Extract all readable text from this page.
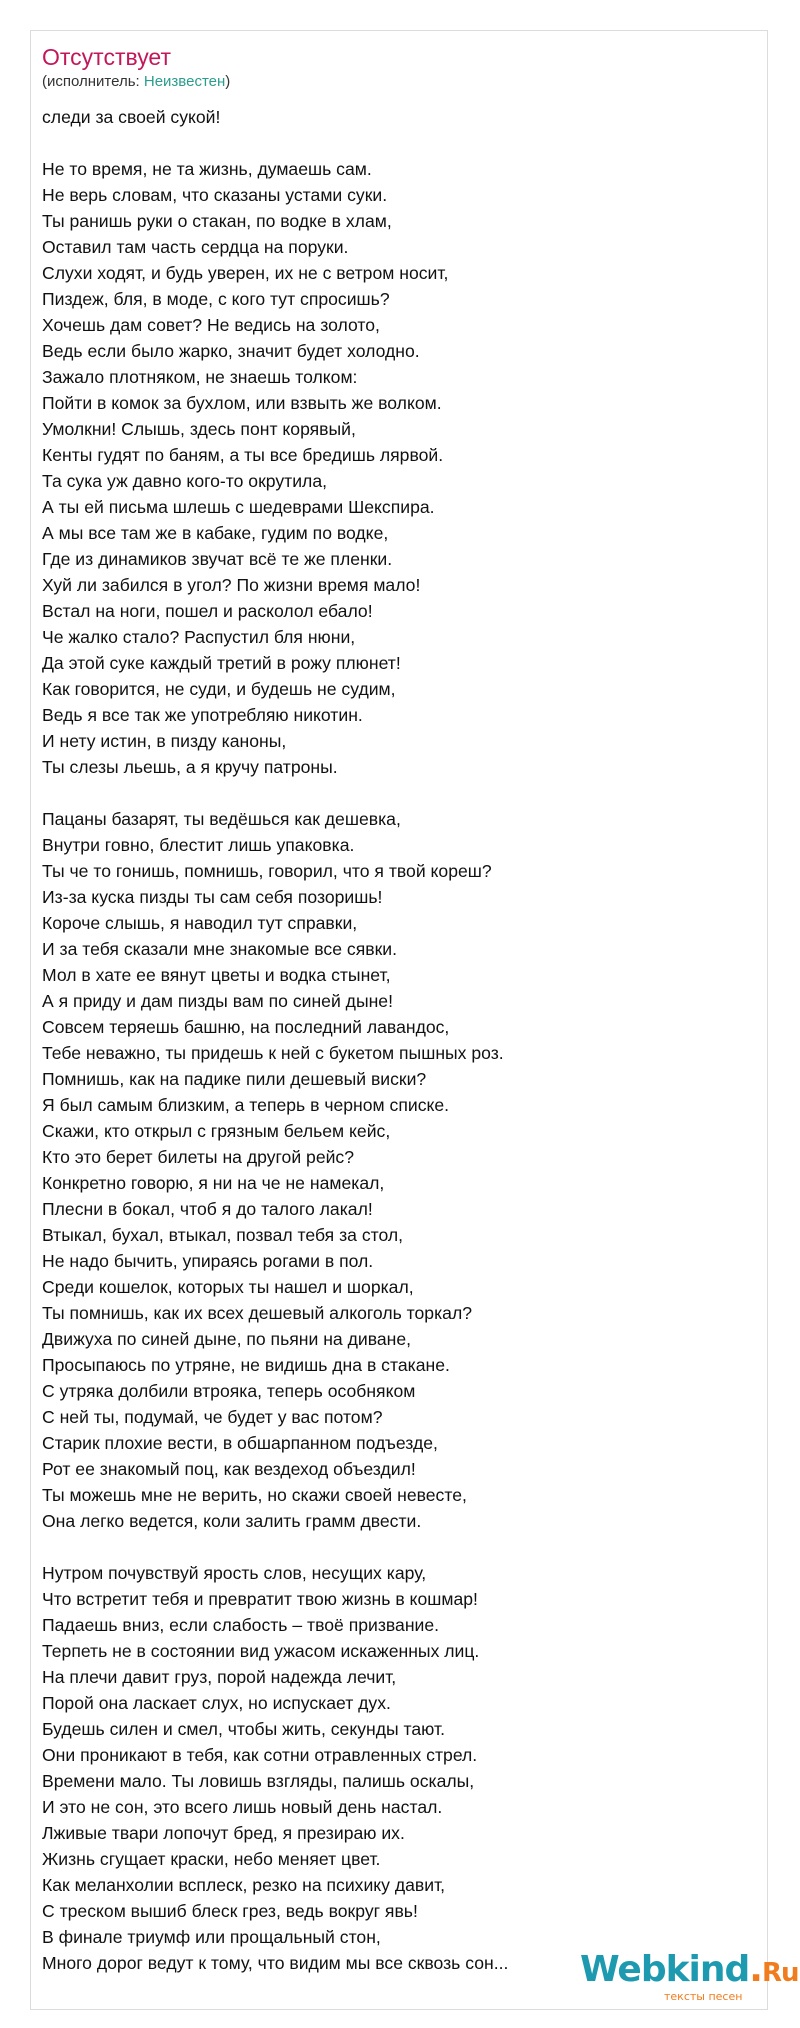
Отсутствует
(исполнитель: Неизвестен)
следи за своей сукой!
Не то время, не та жизнь, думаешь сам.
Не верь словам, что сказаны устами суки.
Ты ранишь руки о стакан, по водке в хлам,
Оставил там часть сердца на поруки.
Слухи ходят, и будь уверен, их не с ветром носит,
Пиздеж, бля, в моде, с кого тут спросишь?
Хочешь дам совет? Не ведись на золото,
Ведь если было жарко, значит будет холодно.
Зажало плотняком, не знаешь толком:
Пойти в комок за бухлом, или взвыть же волком.
Умолкни! Слышь, здесь понт корявый,
Кенты гудят по баням, а ты все бредишь лярвой.
Та сука уж давно кого-то окрутила,
А ты ей письма шлешь с шедеврами Шекспира.
А мы все там же в кабаке, гудим по водке,
Где из динамиков звучат всё те же пленки.
Хуй ли забился в угол? По жизни время мало!
Встал на ноги, пошел и расколол ебало!
Че жалко стало? Распустил бля нюни,
Да этой суке каждый третий в рожу плюнет!
Как говорится, не суди, и будешь не судим,
Ведь я все так же употребляю никотин.
И нету истин, в пизду каноны,
Ты слезы льешь, а я кручу патроны.
Пацаны базарят, ты ведёшься как дешевка,
Внутри говно, блестит лишь упаковка.
Ты че то гонишь, помнишь, говорил, что я твой кореш?
Из-за куска пизды ты сам себя позоришь!
Короче слышь, я наводил тут справки,
И за тебя сказали мне знакомые все сявки.
Мол в хате ее вянут цветы и водка стынет,
А я приду и дам пизды вам по синей дыне!
Совсем теряешь башню, на последний лавандос,
Тебе неважно, ты придешь к ней с букетом пышных роз.
Помнишь, как на падике пили дешевый виски?
Я был самым близким, а теперь в черном списке.
Скажи, кто открыл с грязным бельем кейс,
Кто это берет билеты на другой рейс?
Конкретно говорю, я ни на че не намекал,
Плесни в бокал, чтоб я до талого лакал!
Втыкал, бухал, втыкал, позвал тебя за стол,
Не надо бычить, упираясь рогами в пол.
Среди кошелок, которых ты нашел и шоркал,
Ты помнишь, как их всех дешевый алкоголь торкал?
Движуха по синей дыне, по пьяни на диване,
Просыпаюсь по утряне, не видишь дна в стакане.
С утряка долбили втрояка, теперь особняком
С ней ты, подумай, че будет у вас потом?
Старик плохие вести, в обшарпанном подъезде,
Рот ее знакомый поц, как вездеход объездил!
Ты можешь мне не верить, но скажи своей невесте,
Она легко ведется, коли залить грамм двести.
Нутром почувствуй ярость слов, несущих кару,
Что встретит тебя и превратит твою жизнь в кошмар!
Падаешь вниз, если слабость – твоё призвание.
Терпеть не в состоянии вид ужасом искаженных лиц.
На плечи давит груз, порой надежда лечит,
Порой она ласкает слух, но испускает дух.
Будешь силен и смел, чтобы жить, секунды тают.
Они проникают в тебя, как сотни отравленных стрел.
Времени мало. Ты ловишь взгляды, палишь оскалы,
И это не сон, это всего лишь новый день настал.
Лживые твари лопочут бред, я презираю их.
Жизнь сгущает краски, небо меняет цвет.
Как меланхолии всплеск, резко на психику давит,
С треском вышиб блеск грез, ведь вокруг явь!
В финале триумф или прощальный стон,
Много дорог ведут к тому, что видим мы все сквозь сон...	Webkind.Ru
тексты песен
